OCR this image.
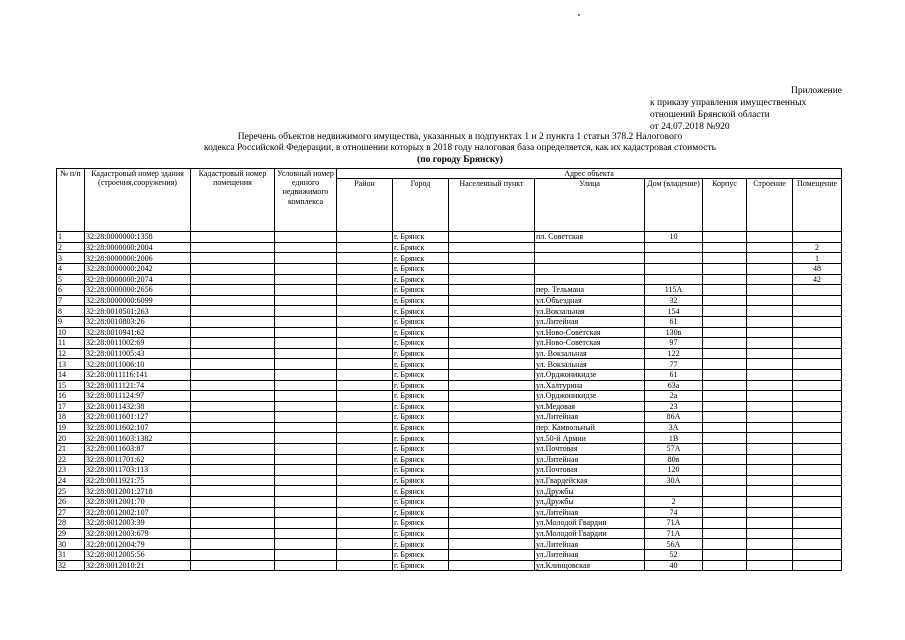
Приложение
к приказу управления имущественных
отношений Брянской области
от 24.07.2018 №920
Перечень объектов недвижимого имущества, указанных в подпунктах 1 и 2 пункта 1 статьи 378.2 Налогового
кодекса Российской Федерации, в отношении которых в 2018 году налоговая база определяется, как их кадастровая стоимость
(по городу Брянску)
№ п/п	Кадастровый номер здания (строения,сооружения)	Кадастровый номер помещения	Условный номер единого недвижимого комплекса	Адрес объекта							
				Район	Город	Населенный пункт	Улица	Дом (владение)	Корпус	Строение	Помещение
1	32:28:0000000:1358				г. Брянск		пл. Советская	10			
2	32:28:0000000:2004				г. Брянск						2
3	32:28:0000000:2006				г. Брянск						1
4	32:28:0000000:2042				г. Брянск						48
5	32:28:0000000:2074				г. Брянск						42
6	32:28:0000000:2656				г. Брянск		пер. Тельмана	115А			
7	32:28:0000000:6099				г. Брянск		ул.Объездная	32			
8	32:28:0010501:263				г. Брянск		ул.Вокзальная	154			
9	32:28:0010803:26				г. Брянск		ул.Литейная	61			
10	32:28:0010941:62				г. Брянск		ул.Ново-Советская	130в			
11	32:28:0011002:69				г. Брянск		ул.Ново-Советская	97			
12	32:28:0011005:43				г. Брянск		ул. Вокзальная	122			
13	32:28:0011006:10				г. Брянск		ул. Вокзальная	77			
14	32:28:0011116:141				г. Брянск		ул.Орджоникидзе	61			
15	32:28:0011121:74				г. Брянск		ул.Халтурина	63а			
16	32:28:0011124:97				г. Брянск		ул.Орджоникидзе	2а			
17	32:28:0011432:38				г. Брянск		ул.Медовая	23			
18	32:28:0011601:127				г. Брянск		ул.Литейная	86А			
19	32:28:0011602:107				г. Брянск		пер. Камвольный	3А			
20	32:28:0011603:1382				г. Брянск		ул.50-й Армии	1В			
21	32:28:0011603:87				г. Брянск		ул.Почтовая	57А			
22	32:28:0011701:62				г. Брянск		ул.Литейная	80в			
23	32:28:0011703:113				г. Брянск		ул.Почтовая	120			
24	32:28:0011921:75				г. Брянск		ул.Гвардейская	30А			
25	32:28:0012001:2718				г. Брянск		ул.Дружбы				
26	32:28:0012001:70				г. Брянск		ул.Дружбы	2			
27	32:28:0012002:107				г. Брянск		ул.Литейная	74			
28	32:28:0012003:39				г. Брянск		ул.Молодой Гвардии	71А			
29	32:28:0012003:679				г. Брянск		ул.Молодой Гвардии	71А			
30	32:28:0012004:79				г. Брянск		ул.Литейная	56А			
31	32:28:0012005:56				г. Брянск		ул.Литейная	52			
32	32:28:0012010:21				г. Брянск		ул.Клинцовская	40			
